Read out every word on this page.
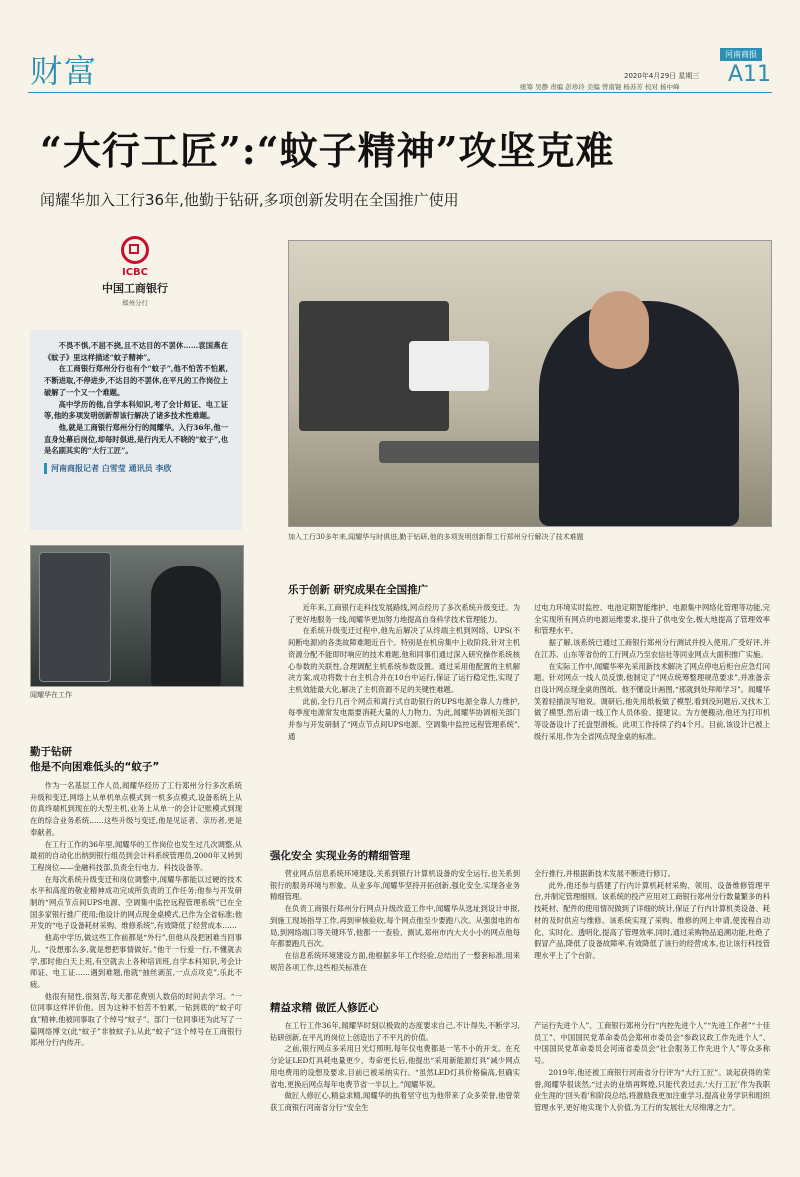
财富	河南商报
2020年4月29日 星期三 A11
统筹 吴静 责编 彭珍玲 美编 曾南锟 杨苏芳 校对 杨中峰
“大行工匠”:“蚊子精神”攻坚克难
闻耀华加入工行36年,他勤于钻研,多项创新发明在全国推广使用
ICBC
中国工商银行
郑州分行

不畏不惧,不屈不挠,且不达目的不罢休……袁国燕在《蚊子》里这样描述“蚊子精神”。

在工商银行郑州分行也有个“蚊子”,他不怕苦不怕累,不断进取,不停进步,不达目的不罢休,在平凡的工作岗位上破解了一个又一个难题。

高中学历的他,自学本科知识,考了会计师证、电工证等,他的多项发明创新帮该行解决了诸多技术性难题。

他,就是工商银行郑州分行的闻耀华。入行36年,他一直身处幕后岗位,却每时俱进,是行内无人不晓的“蚊子”,也是名副其实的“大行工匠”。

河南商报记者 白雪莹 通讯员 李欣
加入工行30多年来,闻耀华与时俱进,勤于钻研,他的多项发明创新帮工行郑州分行解决了技术难题
闻耀华在工作
勤于钻研
他是不向困难低头的“蚊子”

作为一名基层工作人员,闻耀华经历了工行郑州分行多次系统升级和变迁,网络上从单机单点模式到一机多点模式,设备系统上从仿真终端机到现在的大型主机,业务上从单一的会计记账模式到现在的综合业务系统……这些升级与变迁,他是见证者、亲历者,更是奉献者。

在工行工作的36年里,闻耀华的工作岗位也发生过几次调整,从最初的自动化出纳到银行组员到会计科系统管理员,2000年又转到工程岗位——金融科技部,负责全行电力、科技设备等。

在每次系统升级变迁和岗位调整中,闻耀华都能以过硬的技术水平和高度的敬业精神成功完成所负责的工作任务;他参与开发研制的“网点节点间UPS电源、空调集中监控远程管理系统”已在全国多家银行推广使用;他设计的网点现金桌模式,已作为全省标准;他开发的“电子设备耗材采购、维修系统”,有效降低了经营成本……

他高中学历,做这些工作前都是“外行”,但他从没把困难当回事儿。“没想那么多,就是想把事情做好。”他干一行爱一行,不懂就去学,那时他白天上班,有空就去上各种培训班,自学本科知识,考会计师证、电工证……遇到难题,他就“抽丝剥茧,一点点攻克”,乐此不疲。

他很有韧性,很刻苦,每天都花费别人数倍的时间去学习。“一位同事这样评价他。因为这种不怕苦不怕累,一钻到底的“蚊子叮血”精神,他被同事取了个绰号“蚊子”。部门一位同事还为此写了一篇网络博文(此“蚊子”非彼蚊子),从此“蚊子”这个绰号在工商银行郑州分行内传开。

乐于创新 研究成果在全国推广

近年来,工商银行走科技发展路线,网点经历了多次系统升级变迁。为了更好地服务一线,闻耀华更加努力地提高自身科学技术管理能力。

在系统升级变迁过程中,他先后解决了从终端主机到网络、UPS(不间断电源)的各类故障难题近百个。特别是在机房集中上收阶段,针对主机资源分配不能即时响应的技术难题,他和同事们通过深入研究操作系统核心参数的关联性,合理调配主机系统参数设置。通过采用他配置的主机解决方案,成功将数十台主机合并在10台中运行,保证了运行稳定性,实现了主机效能最大化,解决了主机资源不足的关键性难题。

此前,全行几百个网点和离行式自助银行的UPS电源全靠人力维护,每季度电源常发电需要消耗大量的人力物力。为此,闻耀华协调相关部门并参与开发研制了“网点节点间UPS电源、空调集中监控远程管理系统”,通

过电力环境实时监控、电池定期智能维护、电源集中网络化管理等功能,完全实现所有网点的电源运维要求,提升了供电安全,极大地提高了管理效率和管理水平。

据了解,该系统已通过工商银行郑州分行测试并投入使用,广受好评,并在江苏、山东等省份的工行网点乃至农信社等同业网点大面积推广实施。

在实际工作中,闻耀华率先采用新技术解决了网点停电后柜台应急灯问题。针对网点一线人员反馈,他制定了“网点统筹整理规范要求”,并准备亲自设计网点现金桌的图纸。他不懂设计画图,“那就到处拜师学习”。闻耀华笑着轻描淡写地说。调研后,他先用纸板做了模型,看到没问题后,又找木工做了模型,然后请一线工作人员体验、提建议。为方便搬动,他还为打印机等设备设计了托盘型滑板。此项工作持续了约4个月。目前,该设计已被上级行采用,作为全省网点现金桌的标准。

强化安全 实现业务的精细管理

营业网点信息系统环境建设,关系到银行计算机设备的安全运行,也关系到银行的服务环境与形象。从业多年,闻耀华坚持开拓创新,强化安全,实现各业务精细管理。

在负责工商银行郑州分行网点升级改造工作中,闻耀华从选址到设计申报,到施工现场指导工作,再到审核验收,每个网点他至少要跑八次。从强弱电的布局,到网络端口等关键环节,他都一一查验、测试,郑州市内大大小小的网点他每年都要跑几百次。

在信息系统环境建设方面,他根据多年工作经验,总结出了一整套标准,用来规范各项工作,这些相关标准在

全行推行,并根据新技术发展不断进行修订。

此外,他还参与搭建了行内计算机耗材采购、领用、设备维修管理平台,并制定管理细则。该系统的投产应用对工商银行郑州分行数量繁多的科技耗材、配件的使用情况做到了详细的统计,保证了行内计算机类设备、耗材的及时供应与维修。该系统实现了采购、维修的网上申请,使流程自动化、实时化、透明化,提高了管理效率,同时,通过采购物品追溯功能,杜绝了假冒产品,降低了设备故障率,有效降低了该行的经营成本,也让该行科技管理水平上了个台阶。

精益求精 做匠人修匠心

在工行工作36年,闻耀华时刻以极致的态度要求自己,不计得失,不断学习,钻研创新,在平凡的岗位上创造出了不平凡的价值。

之前,银行网点多采用日光灯照明,每年仅电费都是一笔不小的开支。在充分论证LED灯具耗电量更少、寿命更长后,他提出“采用新能源灯具”减少网点用电费用的设想及要求,目前已被采纳实行。“虽然LED灯具价格偏高,但确实省电,更换后网点每年电费节省一半以上。”闻耀华说。

做匠人修匠心,精益求精,闻耀华的执着坚守也为他带来了众多荣誉,他曾荣获工商银行河南省分行“安全生

产运行先进个人”、工商银行郑州分行“内控先进个人”“先进工作者”“十佳员工”、中国国民党革命委员会郑州市委员会“参政议政工作先进个人”、中国国民党革命委员会河南省委员会“社会服务工作先进个人”等众多称号。

2019年,他还被工商银行河南省分行评为“大行工匠”。谈起获得的荣誉,闻耀华很谈然,“过去的业绩再辉煌,只能代表过去,‘大行工匠’作为我职业生涯的‘回头看’和阶段总结,将激励我更加注重学习,提高业务学识和组织管理水平,更好地实现个人价值,为工行的发展壮大尽绵薄之力”。
